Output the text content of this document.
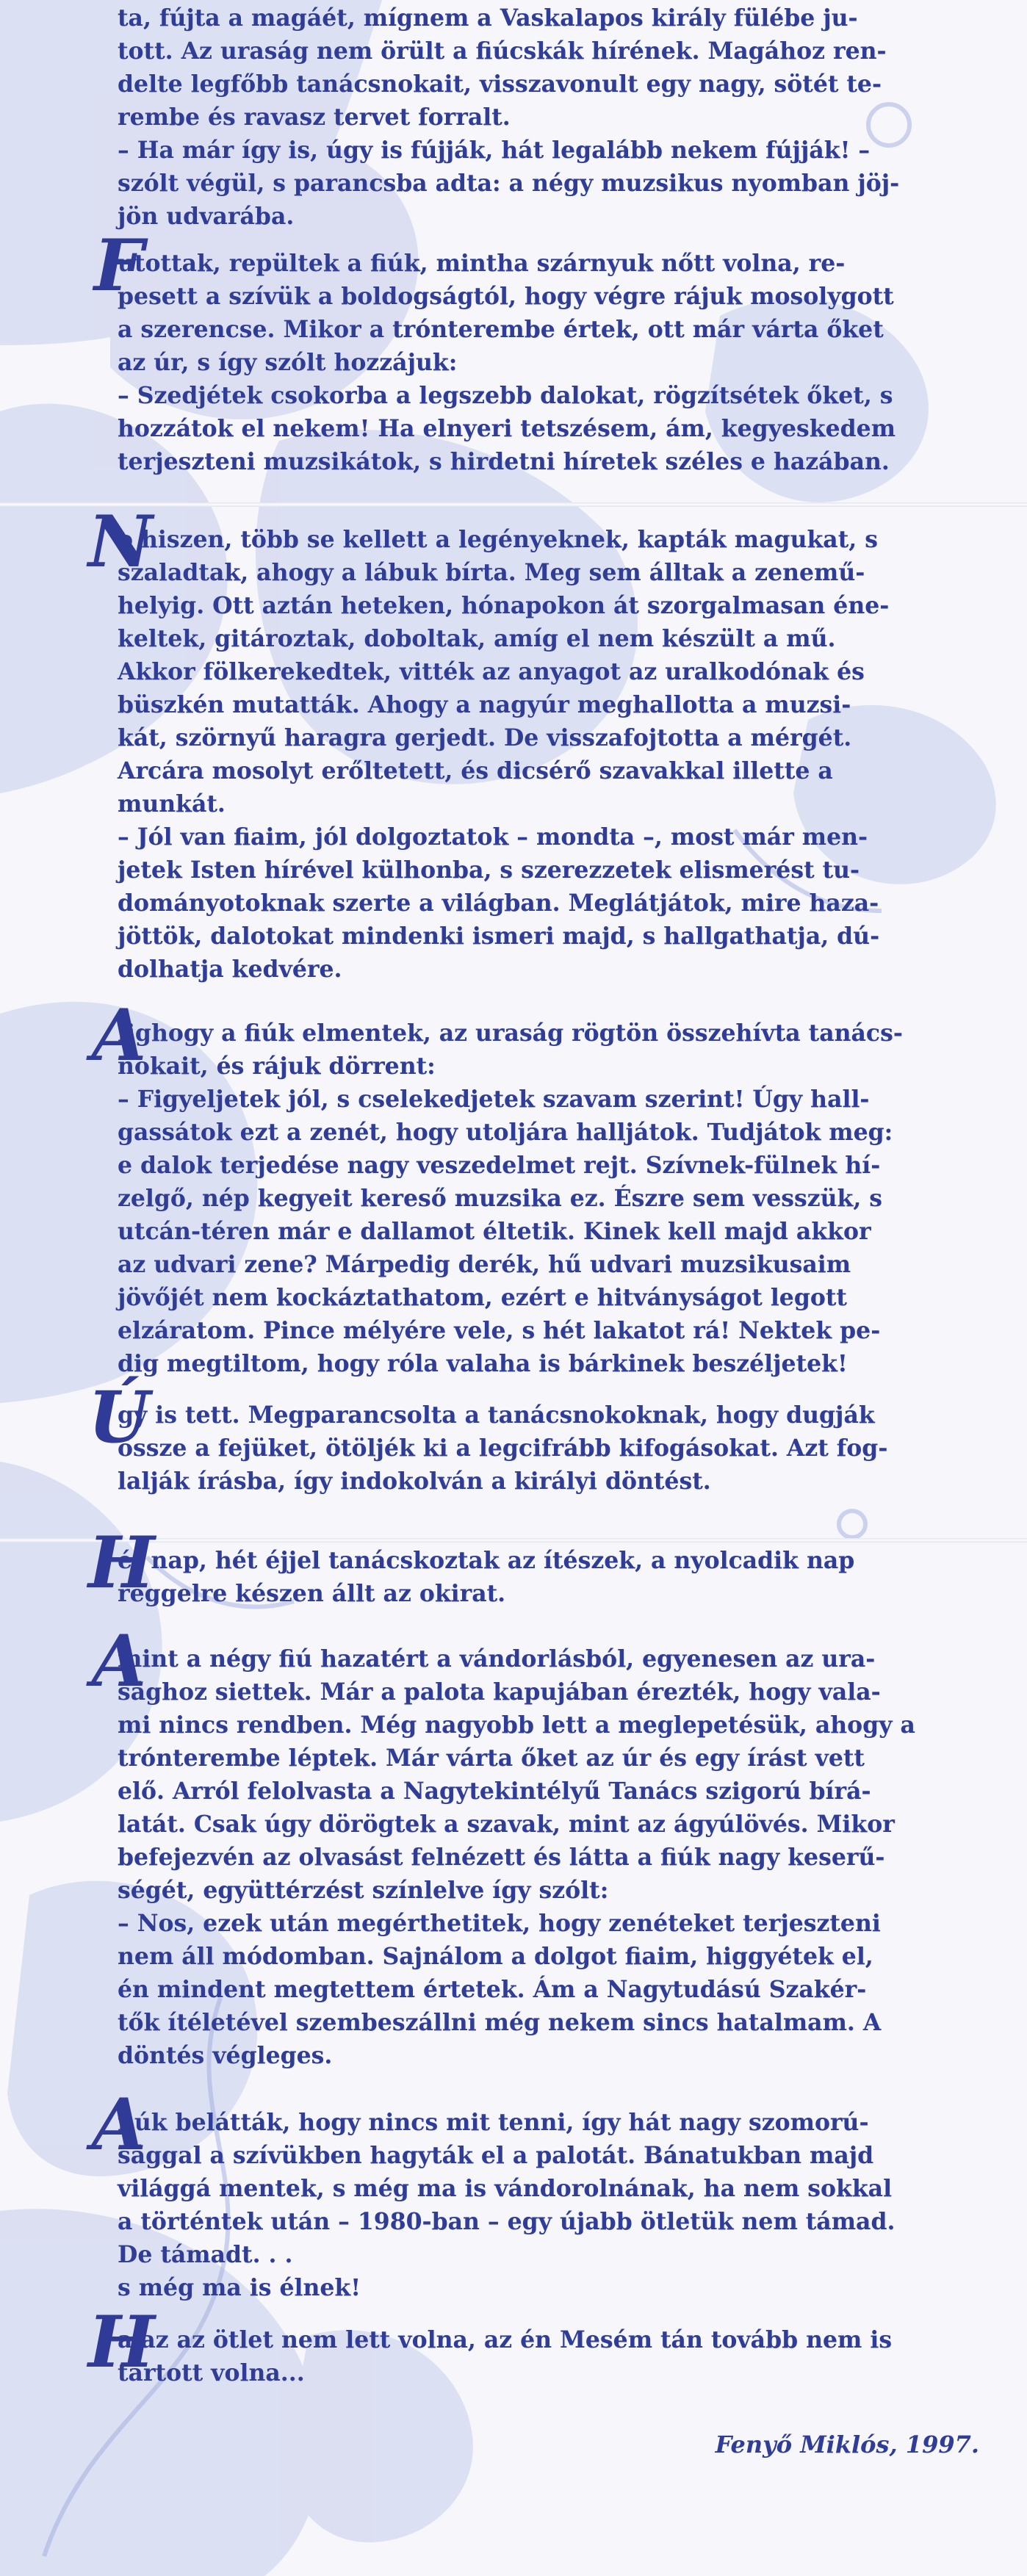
ta, fújta a magáét, mígnem a Vaskalapos király fülébe ju-
tott. Az uraság nem örült a fiúcskák hírének. Magához ren-
delte legfőbb tanácsnokait, visszavonult egy nagy, sötét te-
rembe és ravasz tervet forralt.
– Ha már így is, úgy is fújják, hát legalább nekem fújják! –
szólt végül, s parancsba adta: a négy muzsikus nyomban jöj-
jön udvarába.

F

utottak, repültek a fiúk, mintha szárnyuk nőtt volna, re-
pesett a szívük a boldogságtól, hogy végre rájuk mosolygott
a szerencse. Mikor a trónterembe értek, ott már várta őket
az úr, s így szólt hozzájuk:
– Szedjétek csokorba a legszebb dalokat, rögzítsétek őket, s
hozzátok el nekem! Ha elnyeri tetszésem, ám, kegyeskedem
terjeszteni muzsikátok, s hirdetni híretek széles e hazában.

N

o hiszen, több se kellett a legényeknek, kapták magukat, s
szaladtak, ahogy a lábuk bírta. Meg sem álltak a zenemű-
helyig. Ott aztán heteken, hónapokon át szorgalmasan éne-
keltek, gitároztak, doboltak, amíg el nem készült a mű.
Akkor fölkerekedtek, vitték az anyagot az uralkodónak és
büszkén mutatták. Ahogy a nagyúr meghallotta a muzsi-
kát, szörnyű haragra gerjedt. De visszafojtotta a mérgét.
Arcára mosolyt erőltetett, és dicsérő szavakkal illette a
munkát.
– Jól van fiaim, jól dolgoztatok – mondta –, most már men-
jetek Isten hírével külhonba, s szerezzetek elismerést tu-
dományotoknak szerte a világban. Meglátjátok, mire haza-
jöttök, dalotokat mindenki ismeri majd, s hallgathatja, dú-
dolhatja kedvére.

A

lighogy a fiúk elmentek, az uraság rögtön összehívta tanács-
nokait, és rájuk dörrent:
– Figyeljetek jól, s cselekedjetek szavam szerint! Úgy hall-
gassátok ezt a zenét, hogy utoljára halljátok. Tudjátok meg:
e dalok terjedése nagy veszedelmet rejt. Szívnek-fülnek hí-
zelgő, nép kegyeit kereső muzsika ez. Észre sem vesszük, s
utcán-téren már e dallamot éltetik. Kinek kell majd akkor
az udvari zene? Márpedig derék, hű udvari muzsikusaim
jövőjét nem kockáztathatom, ezért e hitványságot legott
elzáratom. Pince mélyére vele, s hét lakatot rá! Nektek pe-
dig megtiltom, hogy róla valaha is bárkinek beszéljetek!

Ú

gy is tett. Megparancsolta a tanácsnokoknak, hogy dugják
össze a fejüket, ötöljék ki a legcifrább kifogásokat. Azt fog-
lalják írásba, így indokolván a királyi döntést.

H

ét nap, hét éjjel tanácskoztak az ítészek, a nyolcadik nap
reggelre készen állt az okirat.

A

mint a négy fiú hazatért a vándorlásból, egyenesen az ura-
sághoz siettek. Már a palota kapujában érezték, hogy vala-
mi nincs rendben. Még nagyobb lett a meglepetésük, ahogy a
trónterembe léptek. Már várta őket az úr és egy írást vett
elő. Arról felolvasta a Nagytekintélyű Tanács szigorú bírá-
latát. Csak úgy dörögtek a szavak, mint az ágyúlövés. Mikor
befejezvén az olvasást felnézett és látta a fiúk nagy keserű-
ségét, együttérzést színlelve így szólt:
– Nos, ezek után megérthetitek, hogy zenéteket terjeszteni
nem áll módomban. Sajnálom a dolgot fiaim, higgyétek el,
én mindent megtettem értetek. Ám a Nagytudású Szakér-
tők ítéletével szembeszállni még nekem sincs hatalmam. A
döntés végleges.

A

fiúk belátták, hogy nincs mit tenni, így hát nagy szomorú-
sággal a szívükben hagyták el a palotát. Bánatukban majd
világgá mentek, s még ma is vándorolnának, ha nem sokkal
a történtek után – 1980-ban – egy újabb ötletük nem támad.
De támadt. . .
s még ma is élnek!

H

a az az ötlet nem lett volna, az én Mesém tán tovább nem is
tartott volna...

Fenyő Miklós, 1997.
